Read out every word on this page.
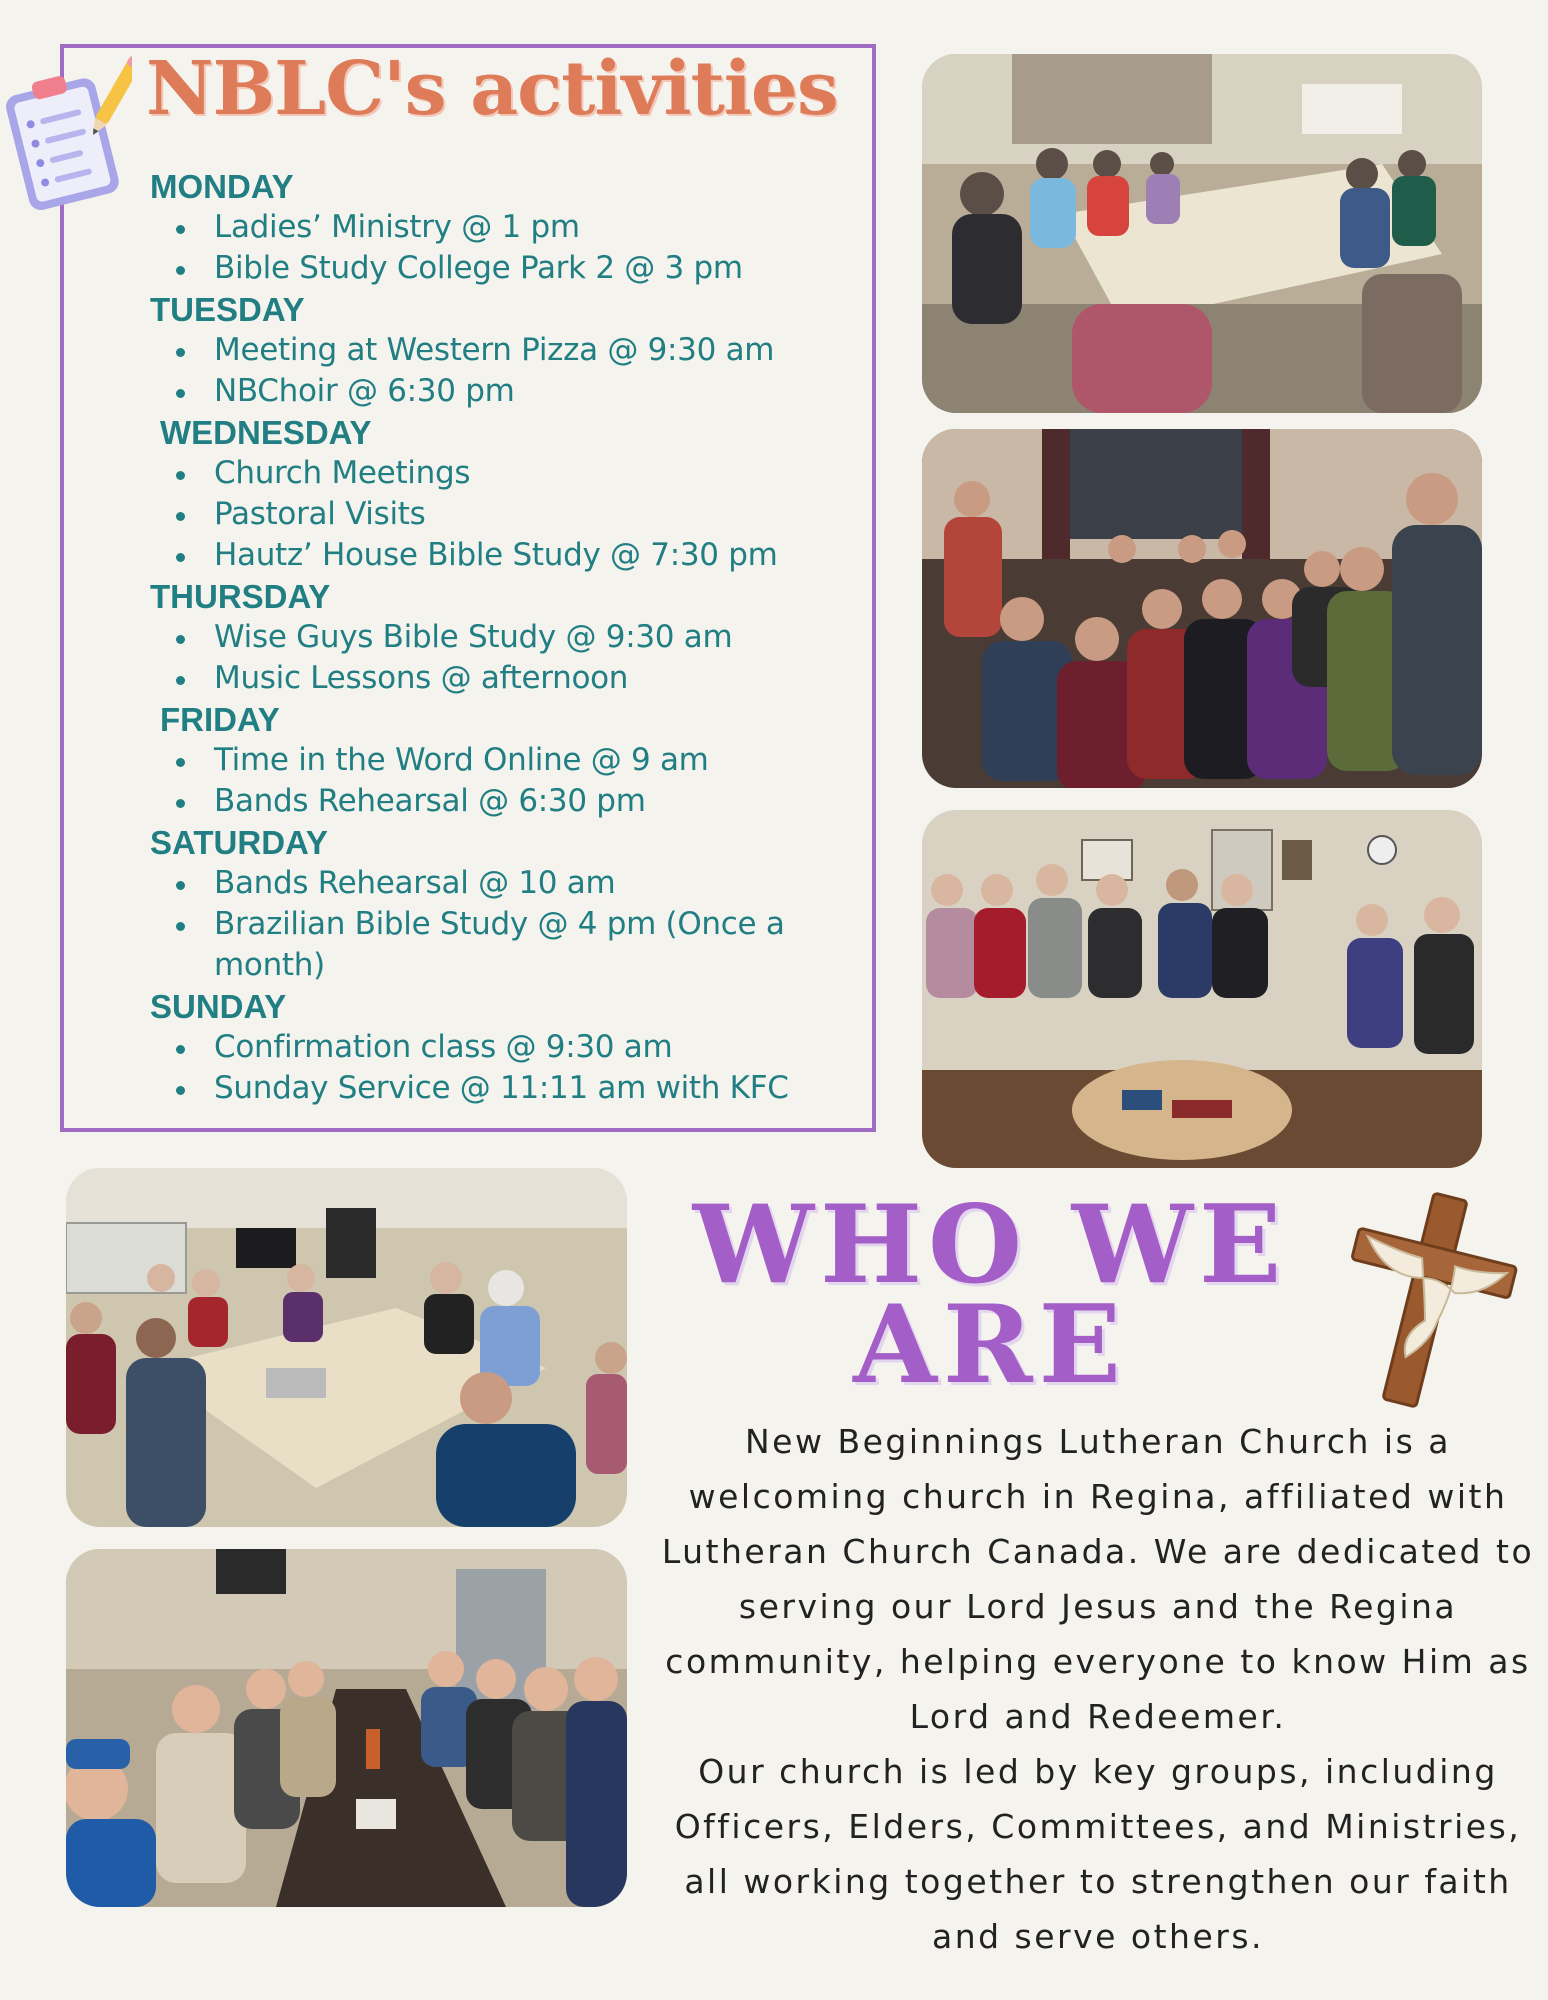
NBLC's activities
MONDAY
Ladies’ Ministry @ 1 pm
Bible Study College Park 2 @ 3 pm
TUESDAY
Meeting at Western Pizza @ 9:30 am
NBChoir @ 6:30 pm
WEDNESDAY
Church Meetings
Pastoral Visits
Hautz’ House Bible Study @ 7:30 pm
THURSDAY
Wise Guys Bible Study @ 9:30 am
Music Lessons @ afternoon
FRIDAY
Time in the Word Online @ 9 am
Bands Rehearsal @ 6:30 pm
SATURDAY
Bands Rehearsal @ 10 am
Brazilian Bible Study @ 4 pm (Once a month)
SUNDAY
Confirmation class @ 9:30 am
Sunday Service @ 11:11 am with KFC
WHO WE ARE

New Beginnings Lutheran Church is a welcoming church in Regina, affiliated with Lutheran Church Canada. We are dedicated to serving our Lord Jesus and the Regina community, helping everyone to know Him as Lord and Redeemer.

Our church is led by key groups, including Officers, Elders, Committees, and Ministries, all working together to strengthen our faith and serve others.
